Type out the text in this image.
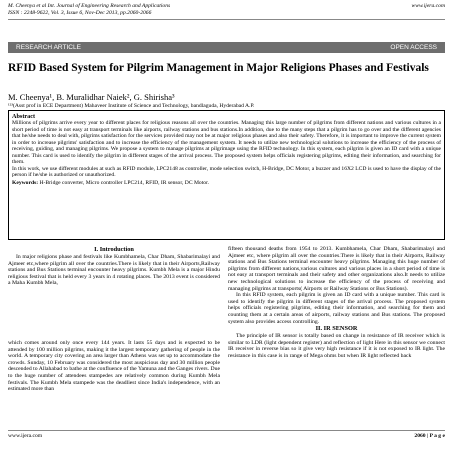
M. Cheenya et al Int. Journal of Engineering Research and Applications
ISSN : 2248-9622, Vol. 3, Issue 6, Nov-Dec 2013, pp.2060-2066
www.ijera.com
RESEARCH ARTICLE	OPEN ACCESS
RFID Based System for Pilgrim Management in Major Religions Phases and Festivals
M. Cheenya¹, B. Muralidhar Naiek², G. Shirisha³
¹²³(Asst prof in ECE Department) Mahaveer Institute of Science and Technology, bandlaguda, Hyderabad A.P.
Abstract
Millions of pilgrims arrive every year to different places for religious reasons all over the countries. Managing this large number of pilgrims from different nations and various cultures in a short period of time is not easy at transport terminals like airports, railway stations and bus stations.In addition, due to the many steps that a pilgrim has to go over and the different agencies that he/she needs to deal with, pilgrims satisfaction for the services provided may not be at major religious phases and also their safety. Therefore, it is important to improve the current system in order to increase pilgrims' satisfaction and to increase the efficiency of the management system. It needs to utilize new technological solutions to increase the efficiency of the process of receiving, guiding, and managing pilgrims. We propose a system to manage pilgrims at pilgrimage using the RFID technology. In this system, each pilgrim is given an ID card with a unique number. This card is used to identify the pilgrim in different stages of the arrival process. The proposed system helps officials registering pilgrims, editing their information, and searching for them.
In this work, we use different modules at such as RFID module, LPC2148 as controller, mode selection switch, H-Bridge, DC Motor, a buzzer and 16X2 LCD is used to have the display of the person if he/she is authorized or unauthorized.
Keywords: H-Bridge converter, Micro controller LPC214, RFID, IR sensor, DC Motor.
I. Introduction
In major religions phase and festivals like Kumbhamela, Char Dham, Shabarimalayi and Ajmeer etc,where pilgrim all over the countries.There is likely that in their Airports,Railway stations and Bus Stations terminal encounter heavy pilgrims. Kumbh Mela is a major Hindu religious festival that is held every 3 years in 4 rotating places. The 2013 event is considered a Maha Kumbh Mela,
which comes around only once every 144 years. It lasts 55 days and is expected to be attended by 100 million pilgrims, making it the largest temporary gathering of people in the world. A temporary city covering an area larger than Athens was set up to accommodate the crowds. Sunday, 10 February was considered the most auspicious day and 30 million people descended to Allahabad to bathe at the confluence of the Yamuna and the Ganges rivers. Due to the huge number of attendees stampedes are relatively common during Kumbh Mela festivals. The Kumbh Mela stampede was the deadliest since India's independence, with an estimated more than
fifteen thousand deaths from 1954 to 2013. Kumbhamela, Char Dham, Shabarimalayi and Ajmeer etc, where pilgrim all over the countries.There is likely that in their Airports, Railway stations and Bus Stations terminal encounter heavy pilgrims. Managing this huge number of pilgrims from different nations,various cultures and various places in a short period of time is not easy at transport terminals and their safety and other organizations also.It needs to utilize new technological solutions to increase the efficiency of the process of receiving and managing pilgrims at transports( Airports or Railway Stations or Bus Stations).
In this RFID system, each pilgrim is given an ID card with a unique number. This card is used to identify the pilgrim in different stages of the arrival process. The proposed system helps officials registering pilgrims, editing their information, and searching for them and counting them at a certain areas of airports, railway stations and Bus stations. The proposed system also provides access controlling.
II. IR SENSOR
The principle of IR sensor is totally based on change in resistance of IR receiver which is similar to LDR (light dependent register) and reflection of light Here in this sensor we connect IR receiver in reverse bias so it give very high resistance if it is not exposed to IR light. The resistance in this case is in range of Mega ohms but when IR light reflected back
www.ijera.com	2060 | P a g e
